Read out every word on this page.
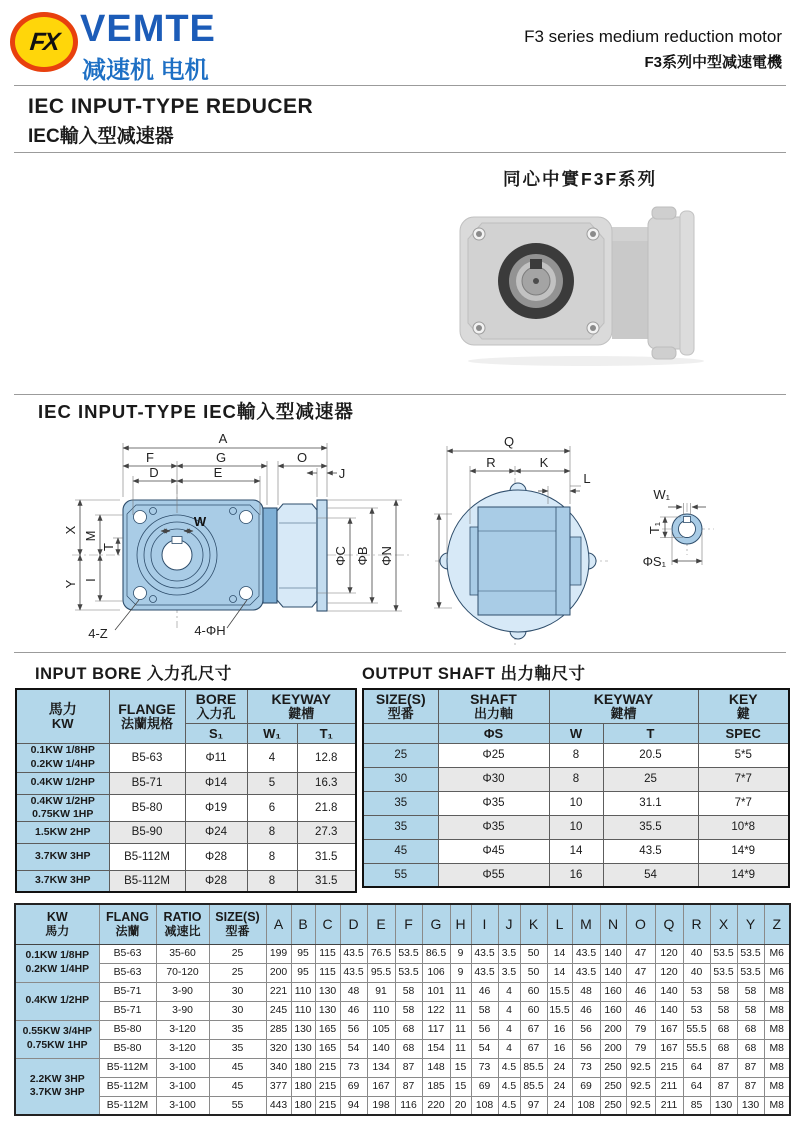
FX VEMTE
减速机 电机
F3 series medium reduction motor
F3系列中型减速電機
IEC INPUT-TYPE REDUCER
IEC輸入型减速器
同心中實F3F系列
IEC INPUT-TYPE IEC輸入型减速器
A
F	G	O
D	E	J
W
X
M
T
Y I
ΦC ΦB ΦN
4-Z	4-ΦH
Q
R	K
L
W₁
T₁
ΦS₁
INPUT BORE 入力孔尺寸
馬力
KW

FLANGE
法蘭規格

BORE
入力孔

KEYWAY
鍵槽

		S₁	W₁	T₁

0.1KW 1/8HP
0.2KW 1/4HP	B5-63	Φ11	4	12.8

0.4KW 1/2HP	B5-71	Φ14	5	16.3

0.4KW 1/2HP
0.75KW 1HP	B5-80	Φ19	6	21.8

1.5KW 2HP	B5-90	Φ24	8	27.3

3.7KW 3HP	B5-112M	Φ28	8	31.5

3.7KW 3HP	B5-112M	Φ28	8	31.5
OUTPUT SHAFT 出力軸尺寸
SIZE(S)
型番

SHAFT
出力軸

KEYWAY
鍵槽

KEY
鍵

	ΦS	W	T	SPEC
25	Φ25	8	20.5	5*5
30	Φ30	8	25	7*7
35	Φ35	10	31.1	7*7
35	Φ35	10	35.5	10*8
45	Φ45	14	43.5	14*9
55	Φ55	16	54	14*9
KW
馬力

FLANG
法蘭

RATIO
减速比

SIZE(S)
型番	A	B	C	D	E	F	G	H	I	J	K	L	M	N	O	Q	R	X	Y	Z

0.1KW 1/8HP
0.2KW 1/4HP	B5-63	35-60	25	199	95	115	43.5	76.5	53.5	86.5	9	43.5	3.5	50	14	43.5	140	47	120	40	53.5	53.5	M6
	B5-63	70-120	25	200	95	115	43.5	95.5	53.5	106	9	43.5	3.5	50	14	43.5	140	47	120	40	53.5	53.5	M6

0.4KW 1/2HP	B5-71	3-90	30	221	110	130	48	91	58	101	11	46	4	60	15.5	48	160	46	140	53	58	58	M8
	B5-71	3-90	30	245	110	130	46	110	58	122	11	58	4	60	15.5	46	160	46	140	53	58	58	M8

0.55KW 3/4HP
0.75KW 1HP	B5-80	3-120	35	285	130	165	56	105	68	117	11	56	4	67	16	56	200	79	167	55.5	68	68	M8
	B5-80	3-120	35	320	130	165	54	140	68	154	11	54	4	67	16	56	200	79	167	55.5	68	68	M8

2.2KW 3HP
3.7KW 3HP	B5-112M	3-100	45	340	180	215	73	134	87	148	15	73	4.5	85.5	24	73	250	92.5	215	64	87	87	M8
	B5-112M	3-100	45	377	180	215	69	167	87	185	15	69	4.5	85.5	24	69	250	92.5	211	64	87	87	M8
	B5-112M	3-100	55	443	180	215	94	198	116	220	20	108	4.5	97	24	108	250	92.5	211	85	130	130	M8
